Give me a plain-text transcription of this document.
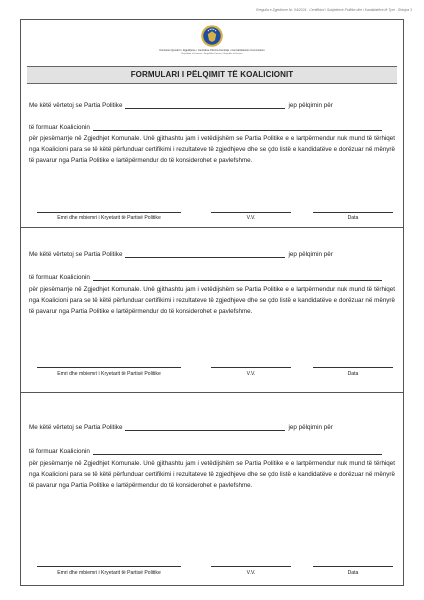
Rregulla e Zgjedhore Nr. 04/2024 - Certifikimi i Subjekteve Politike dhe i Kandidatëve të Tyre - Shtojca 3
Komisioni Qendror i Zgjedhjeve • Centralna Izborna Komisija • Central Election Commission
Republika e Kosovës • Republika Kosovo • Republic of Kosovo
FORMULARI I PËLQIMIT TË KOALICIONIT
Me këtë vërtetoj se Partia Politike	jep pëlqimin për
të formuar Koalicionin
për pjesëmarrje në Zgjedhjet Komunale. Unë gjithashtu jam i vetëdijshëm se Partia Politike e e lartpërmendur nuk mund të tërhiqet nga Koalicioni para se të këtë përfunduar certifikimi i rezultateve të zgjedhjeve dhe se çdo listë e kandidatëve e dorëzuar në mënyrë të pavarur nga Partia Politike e lartëpërmendur do të konsiderohet e pavlefshme.
Emri dhe mbiemri i Kryetarit të Partisë Politike	V.V.	Data
Me këtë vërtetoj se Partia Politike	jep pëlqimin për
të formuar Koalicionin
për pjesëmarrje në Zgjedhjet Komunale. Unë gjithashtu jam i vetëdijshëm se Partia Politike e e lartpërmendur nuk mund të tërhiqet nga Koalicioni para se të këtë përfunduar certifikimi i rezultateve të zgjedhjeve dhe se çdo listë e kandidatëve e dorëzuar në mënyrë të pavarur nga Partia Politike e lartëpërmendur do të konsiderohet e pavlefshme.
Emri dhe mbiemri i Kryetarit të Partisë Politike	V.V.	Data
Me këtë vërtetoj se Partia Politike	jep pëlqimin për
të formuar Koalicionin
për pjesëmarrje në Zgjedhjet Komunale. Unë gjithashtu jam i vetëdijshëm se Partia Politike e e lartpërmendur nuk mund të tërhiqet nga Koalicioni para se të këtë përfunduar certifikimi i rezultateve të zgjedhjeve dhe se çdo listë e kandidatëve e dorëzuar në mënyrë të pavarur nga Partia Politike e lartëpërmendur do të konsiderohet e pavlefshme.
Emri dhe mbiemri i Kryetarit të Partisë Politike	V.V.	Data
